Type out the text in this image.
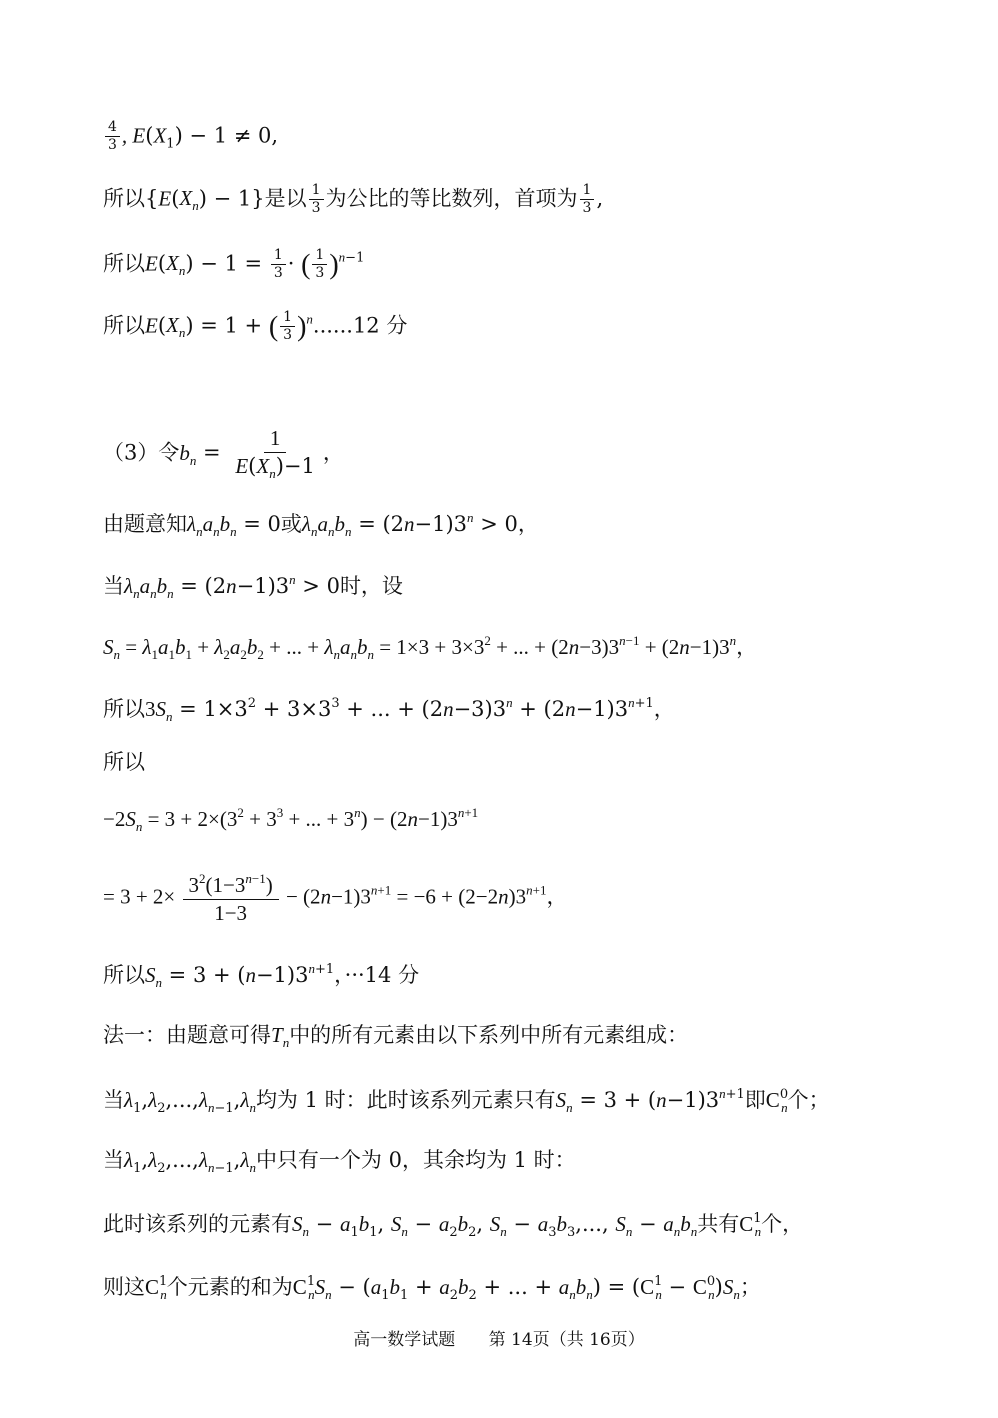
$\frac{4}{3}$ , $E(X_1) - 1 \ne 0$,
所以$\{E(X_n) - 1\}$是以 $\frac{1}{3}$ 为公比的等比数列，首项为 $\frac{1}{3}$ ,
所以$E(X_n) - 1 = \frac{1}{3}$ · ( $\frac{1}{3} )^{n-1}$
所以$E(X_n) = 1$ + ( $\frac{1}{3} )^n......12$ 分
（3）令$b_n = \frac{1}{E(X_n)-1}$ ，
由题意知$\lambda_na_nb_n = 0$或$\lambda_na_nb_n = (2n-1)3^n > 0$，
当$\lambda_na_nb_n = (2n-1)3^n > 0$时，设
$S_n = \lambda_1a_1b_1 + \lambda_2a_2b_2$ + ... + $\lambda_na_nb_n = 1\times 3 + 3\times 3^2$ + ... + $(2n-3)3^{n-1} + (2n-1)3^n$，
所以$3S_n = 1\times 3^2 + 3\times 3^3$ + ... + $(2n-3)3^n + (2n-1)3^{n+1}$，
所以
$-2S_n = 3 + 2\times(3^2 + 3^3$ + ... + $3^n) - (2n-1)3^{n+1}$
= $3 + 2\times \frac{3^2(1-3^{n-1})}{1-3} - (2n-1)3^{n+1} = -6 + (2-2n)3^{n+1}$，
所以$S_n = 3 + (n-1)3^{n+1}$，···14 分
法一：由题意可得$T_n$中的所有元素由以下系列中所有元素组成：
当$\lambda_1,\lambda_2,...,\lambda_{n-1},\lambda_n$均为 1 时：此时该系列元素只有$S_n = 3 + (n-1)3^{n+1}$即$C^0_n$个；
当$\lambda_1,\lambda_2,...,\lambda_{n-1},\lambda_n$中只有一个为 0，其余均为 1 时：
此时该系列的元素有$S_n - a_1b_1$, $S_n - a_2b_2$, $S_n - a_3b_3$,..., $S_n - a_nb_n$共有$C^1_n$个，
则这$C^1_n$个元素的和为$C^1_nS_n - (a_1b_1 + a_2b_2$ + ... + $a_nb_n) = (C^1_n - C^0_n)S_n$；
高一数学试题 第 14页（共 16页）
